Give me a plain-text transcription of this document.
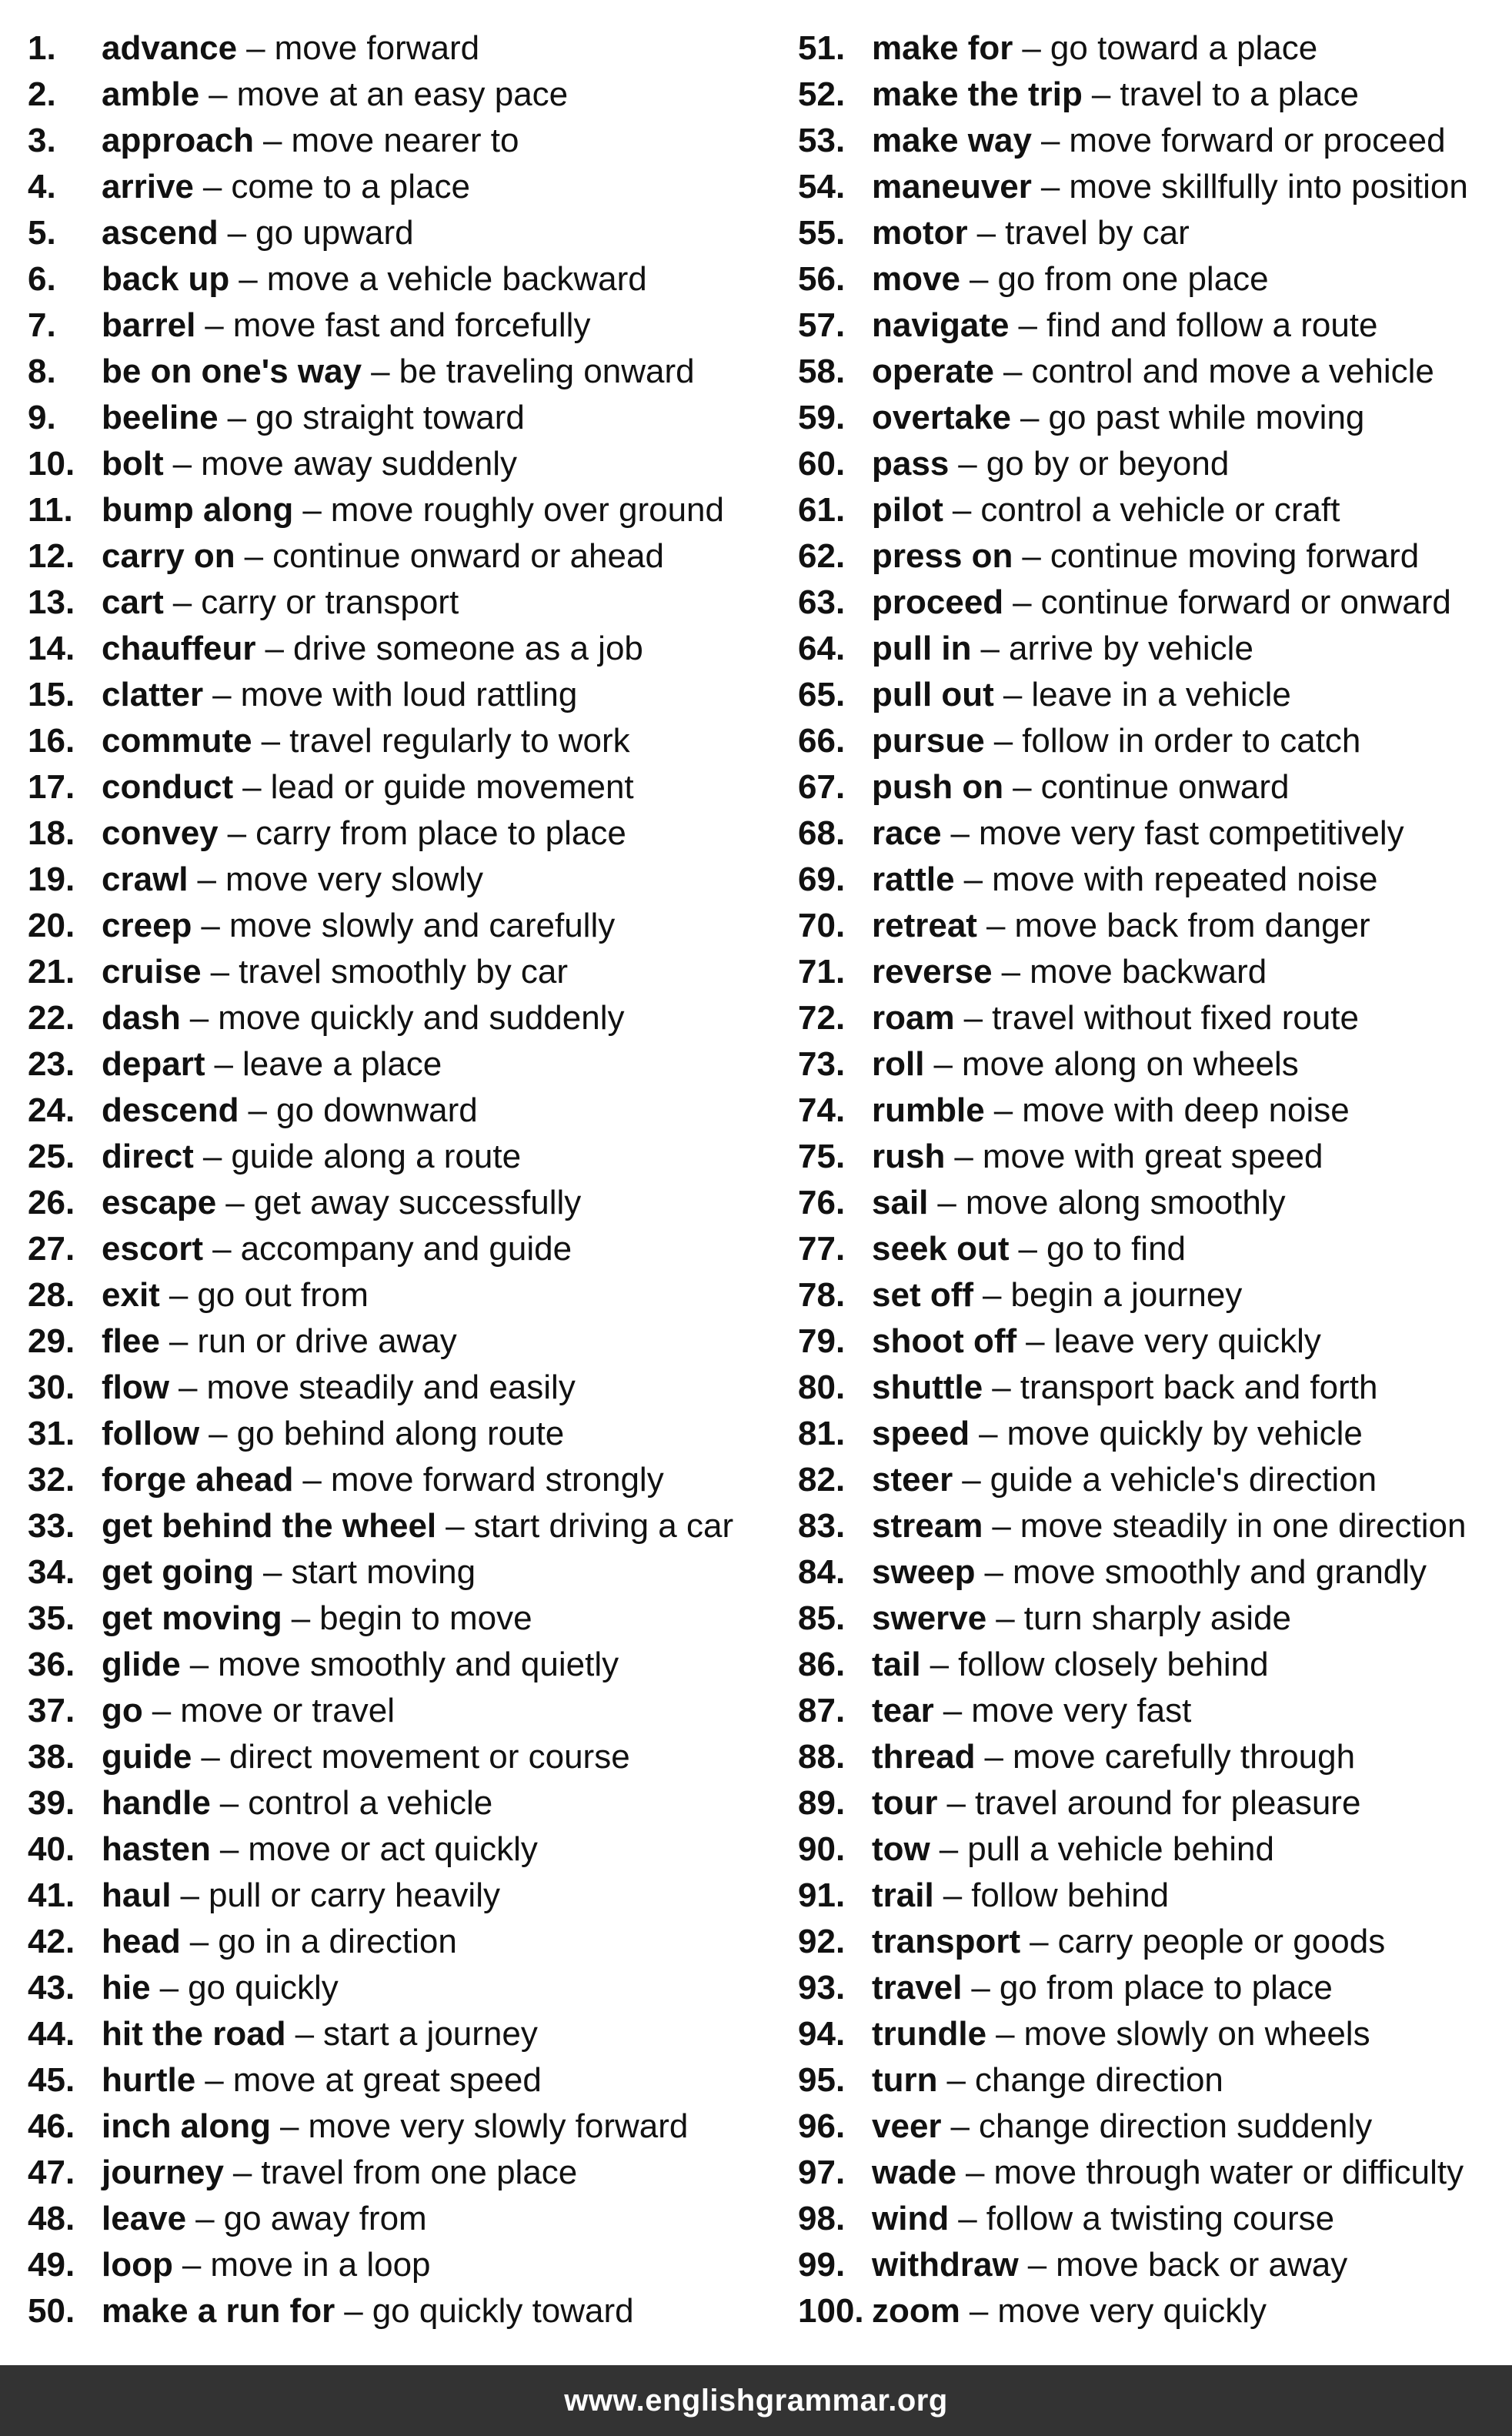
1.	advance – move forward
2.	amble – move at an easy pace
3.	approach – move nearer to
4.	arrive – come to a place
5.	ascend – go upward
6.	back up – move a vehicle backward
7.	barrel – move fast and forcefully
8.	be on one's way – be traveling onward
9.	beeline – go straight toward
10. bolt – move away suddenly
11. bump along – move roughly over ground
12. carry on – continue onward or ahead
13. cart – carry or transport
14. chauffeur – drive someone as a job
15. clatter – move with loud rattling
16. commute – travel regularly to work
17. conduct – lead or guide movement
18. convey – carry from place to place
19. crawl – move very slowly
20. creep – move slowly and carefully
21. cruise – travel smoothly by car
22. dash – move quickly and suddenly
23. depart – leave a place
24. descend – go downward
25. direct – guide along a route
26. escape – get away successfully
27. escort – accompany and guide
28. exit – go out from
29. flee – run or drive away
30. flow – move steadily and easily
31. follow – go behind along route
32. forge ahead – move forward strongly
33. get behind the wheel – start driving a car
34. get going – start moving
35. get moving – begin to move
36. glide – move smoothly and quietly
37. go – move or travel
38. guide – direct movement or course
39. handle – control a vehicle
40. hasten – move or act quickly
41. haul – pull or carry heavily
42. head – go in a direction
43. hie – go quickly
44. hit the road – start a journey
45. hurtle – move at great speed
46. inch along – move very slowly forward
47. journey – travel from one place
48. leave – go away from
49. loop – move in a loop
50. make a run for – go quickly toward
51. make for – go toward a place
52. make the trip – travel to a place
53. make way – move forward or proceed
54. maneuver – move skillfully into position
55. motor – travel by car
56. move – go from one place
57. navigate – find and follow a route
58. operate – control and move a vehicle
59. overtake – go past while moving
60. pass – go by or beyond
61. pilot – control a vehicle or craft
62. press on – continue moving forward
63. proceed – continue forward or onward
64. pull in – arrive by vehicle
65. pull out – leave in a vehicle
66. pursue – follow in order to catch
67. push on – continue onward
68. race – move very fast competitively
69. rattle – move with repeated noise
70. retreat – move back from danger
71. reverse – move backward
72. roam – travel without fixed route
73. roll – move along on wheels
74. rumble – move with deep noise
75. rush – move with great speed
76. sail – move along smoothly
77. seek out – go to find
78. set off – begin a journey
79. shoot off – leave very quickly
80. shuttle – transport back and forth
81. speed – move quickly by vehicle
82. steer – guide a vehicle's direction
83. stream – move steadily in one direction
84. sweep – move smoothly and grandly
85. swerve – turn sharply aside
86. tail – follow closely behind
87. tear – move very fast
88. thread – move carefully through
89. tour – travel around for pleasure
90. tow – pull a vehicle behind
91. trail – follow behind
92. transport – carry people or goods
93. travel – go from place to place
94. trundle – move slowly on wheels
95. turn – change direction
96. veer – change direction suddenly
97. wade – move through water or difficulty
98. wind – follow a twisting course
99. withdraw – move back or away
100. zoom – move very quickly
www.englishgrammar.org
